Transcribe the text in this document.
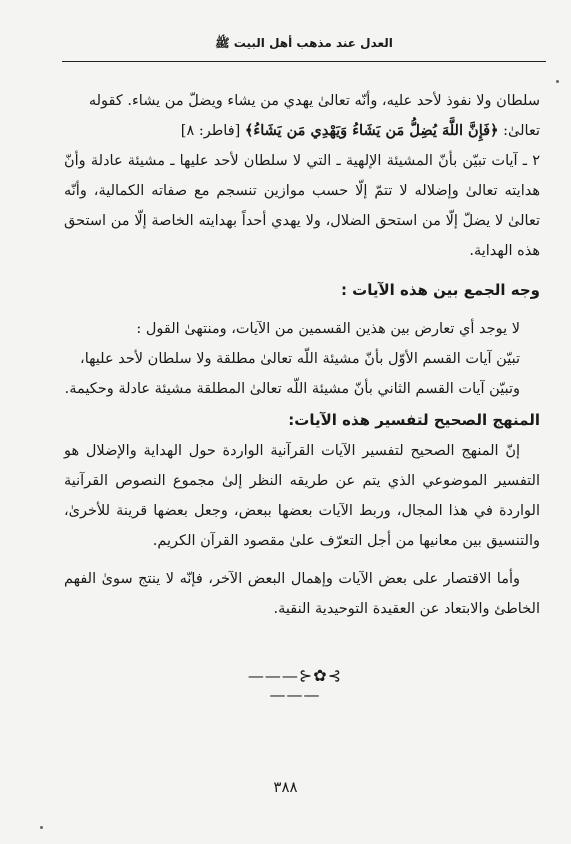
العدل عند مذهب أهل البيت ﷺ

سلطان ولا نفوذ لأحد عليه، وأنّه تعالىٰ يهدي من يشاء ويضلّ من يشاء. كقوله

تعالىٰ: ﴿فَإِنَّ اللَّهَ يُضِلُّ مَن يَشَاءُ وَيَهْدِي مَن يَشَاءُ﴾ [فاطر: ٨]

٢ ـ آيات تبيّن بأنّ المشيئة الإلهية ـ التي لا سلطان لأحد عليها ـ مشيئة عادلة وأنّ هدايته تعالىٰ وإضلاله لا تتمّ إلّا حسب موازين تنسجم مع صفاته الكمالية، وأنّه تعالىٰ لا يضلّ إلّا من استحق الضلال، ولا يهدي أحداً بهدايته الخاصة إلّا من استحق هذه الهداية.

وجه الجمع بين هذه الآيات :

لا يوجد أي تعارض بين هذين القسمين من الآيات، ومنتهىٰ القول :

تبيّن آيات القسم الأوّل بأنّ مشيئة اللّه تعالىٰ مطلقة ولا سلطان لأحد عليها،

وتبيّن آيات القسم الثاني بأنّ مشيئة اللّه تعالىٰ المطلقة مشيئة عادلة وحكيمة.

المنهج الصحيح لتفسير هذه الآيات:

إنّ المنهج الصحيح لتفسير الآيات القرآنية الواردة حول الهداية والإضلال هو التفسير الموضوعي الذي يتم عن طريقه النظر إلىٰ مجموع النصوص القرآنية الواردة في هذا المجال، وربط الآيات بعضها ببعض، وجعل بعضها قرينة للأخرىٰ، والتنسيق بين معانيها من أجل التعرّف علىٰ مقصود القرآن الكريم.

وأما الاقتصار على بعض الآيات وإهمال البعض الآخر، فإنّه لا ينتج سوىٰ الفهم الخاطئ والابتعاد عن العقيدة التوحيدية النقية.

———⊱✿⊰———
٣٨٨
